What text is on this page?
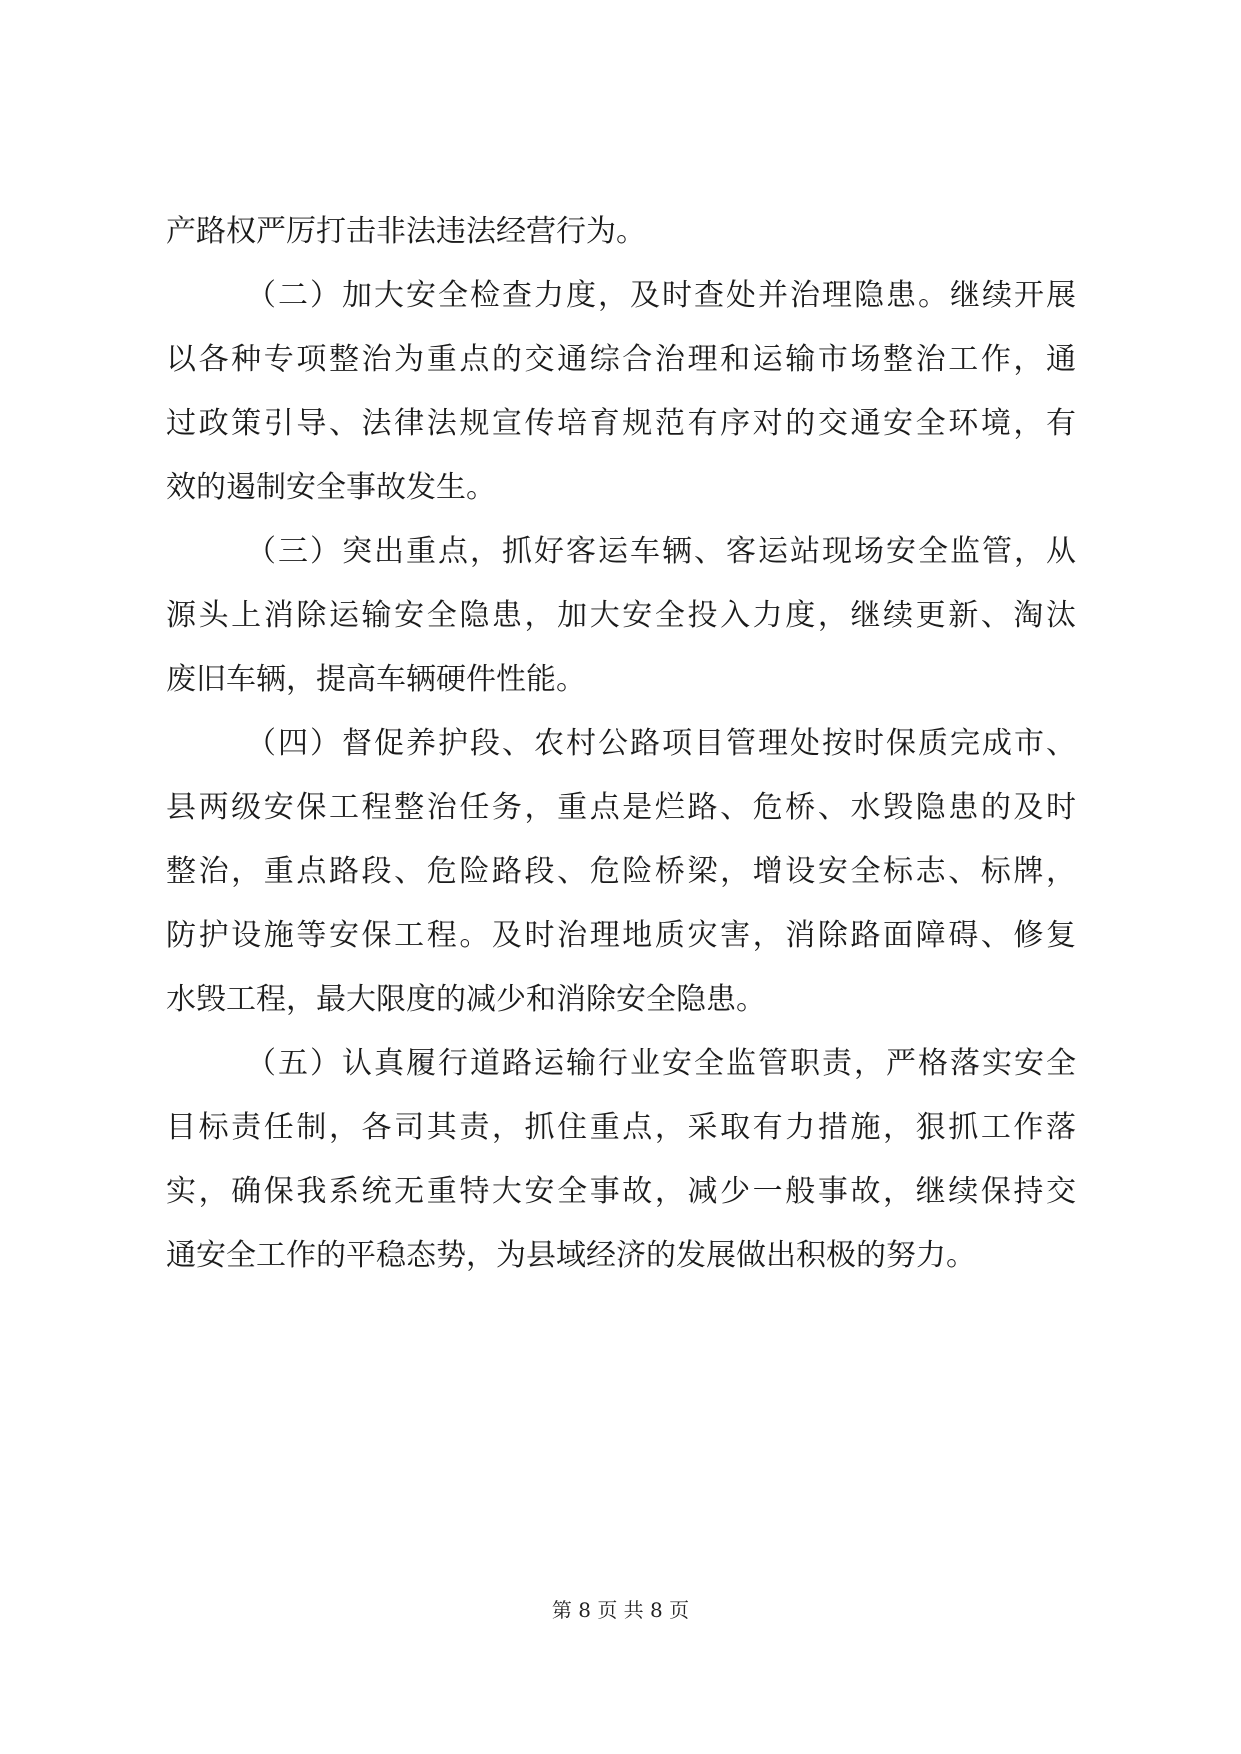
产路权严厉打击非法违法经营行为。
（二）加大安全检查力度，及时查处并治理隐患。继续开展
以各种专项整治为重点的交通综合治理和运输市场整治工作，通
过政策引导、法律法规宣传培育规范有序对的交通安全环境，有
效的遏制安全事故发生。
（三）突出重点，抓好客运车辆、客运站现场安全监管，从
源头上消除运输安全隐患，加大安全投入力度，继续更新、淘汰
废旧车辆，提高车辆硬件性能。
（四）督促养护段、农村公路项目管理处按时保质完成市、
县两级安保工程整治任务，重点是烂路、危桥、水毁隐患的及时
整治，重点路段、危险路段、危险桥梁，增设安全标志、标牌，
防护设施等安保工程。及时治理地质灾害，消除路面障碍、修复
水毁工程，最大限度的减少和消除安全隐患。
（五）认真履行道路运输行业安全监管职责，严格落实安全
目标责任制，各司其责，抓住重点，采取有力措施，狠抓工作落
实，确保我系统无重特大安全事故，减少一般事故，继续保持交
通安全工作的平稳态势，为县域经济的发展做出积极的努力。
第 8 页 共 8 页
